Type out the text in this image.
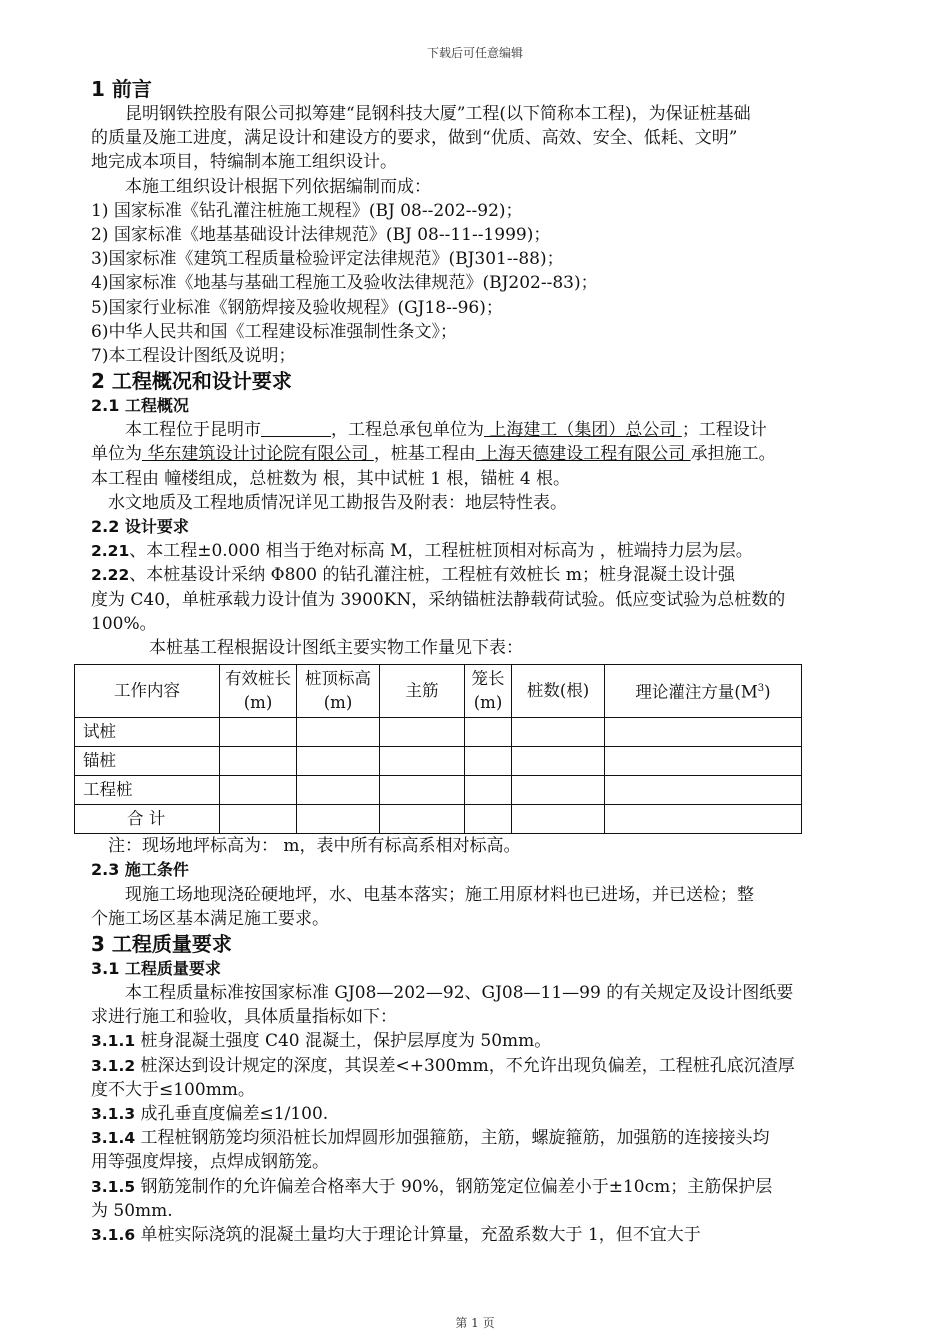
下载后可任意编辑
1 前言
昆明钢铁控股有限公司拟筹建“昆钢科技大厦”工程(以下简称本工程)，为保证桩基础
的质量及施工进度，满足设计和建设方的要求，做到“优质、高效、安全、低耗、文明”
地完成本项目，特编制本施工组织设计。
本施工组织设计根据下列依据编制而成：
1) 国家标准《钻孔灌注桩施工规程》(BJ 08--202--92)；
2) 国家标准《地基基础设计法律规范》(BJ 08--11--1999)；
3)国家标准《建筑工程质量检验评定法律规范》(BJ301--88)；
4)国家标准《地基与基础工程施工及验收法律规范》(BJ202--83)；
5)国家行业标准《钢筋焊接及验收规程》(GJ18--96)；
6)中华人民共和国《工程建设标准强制性条文》；
7)本工程设计图纸及说明；
2 工程概况和设计要求
2.1 工程概况
本工程位于昆明市	，工程总承包单位为 上海建工（集团）总公司 ；工程设计
单位为 华东建筑设计讨论院有限公司 ，桩基工程由 上海天德建设工程有限公司 承担施工。
本工程由 幢楼组成，总桩数为 根，其中试桩 1 根，锚桩 4 根。
水文地质及工程地质情况详见工勘报告及附表：地层特性表。
2.2 设计要求
2.21、本工程±0.000 相当于绝对标高 M，工程桩桩顶相对标高为 ，桩端持力层为层。
2.22、本桩基设计采纳 Φ800 的钻孔灌注桩，工程桩有效桩长 m；桩身混凝土设计强
度为 C40，单桩承载力设计值为 3900KN，采纳锚桩法静载荷试验。低应变试验为总桩数的
100%。
本桩基工程根据设计图纸主要实物工作量见下表：
工作内容	有效桩长(m)	桩顶标高(m)	主筋	笼长(m)	桩数(根)	理论灌注方量$(M^3)$
试桩						
锚桩						
工程桩						
合 计						
注：现场地坪标高为： m，表中所有标高系相对标高。
2.3 施工条件
现施工场地现浇砼硬地坪，水、电基本落实；施工用原材料也已进场，并已送检；整
个施工场区基本满足施工要求。
3 工程质量要求
3.1 工程质量要求
本工程质量标准按国家标准 GJ08—202—92、GJ08—11—99 的有关规定及设计图纸要
求进行施工和验收，具体质量指标如下：
3.1.1 桩身混凝土强度 C40 混凝土，保护层厚度为 50mm。
3.1.2 桩深达到设计规定的深度，其误差<+300mm，不允许出现负偏差，工程桩孔底沉渣厚
度不大于≤100mm。
3.1.3 成孔垂直度偏差≤1/100.
3.1.4 工程桩钢筋笼均须沿桩长加焊圆形加强箍筋，主筋，螺旋箍筋，加强筋的连接接头均
用等强度焊接，点焊成钢筋笼。
3.1.5 钢筋笼制作的允许偏差合格率大于 90%，钢筋笼定位偏差小于±10cm；主筋保护层
为 50mm.
3.1.6 单桩实际浇筑的混凝土量均大于理论计算量，充盈系数大于 1，但不宜大于
第 1 页
